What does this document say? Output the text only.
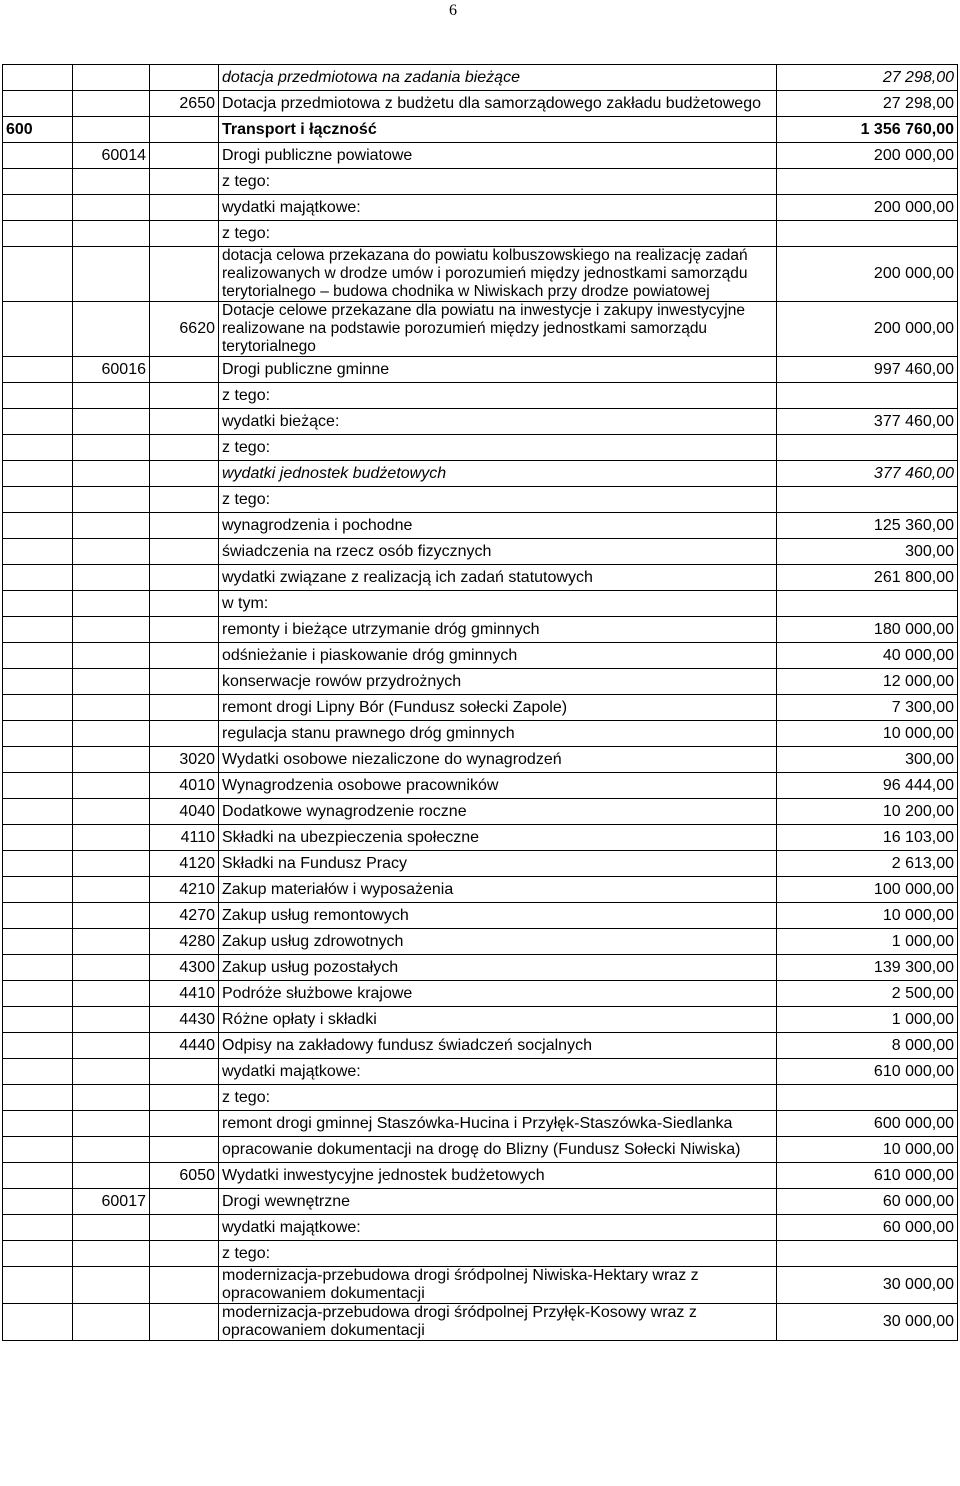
6
			dotacja przedmiotowa na zadania bieżące	27 298,00
		2650	Dotacja przedmiotowa z budżetu dla samorządowego zakładu budżetowego	27 298,00
600			Transport i łączność	1 356 760,00
	60014		Drogi publiczne powiatowe	200 000,00
			z tego:	
			wydatki majątkowe:	200 000,00
			z tego:	
			dotacja celowa przekazana do powiatu kolbuszowskiego na realizację zadań realizowanych w drodze umów i porozumień między jednostkami samorządu terytorialnego – budowa chodnika w Niwiskach przy drodze powiatowej	200 000,00
		6620	Dotacje celowe przekazane dla powiatu na inwestycje i zakupy inwestycyjne realizowane na podstawie porozumień między jednostkami samorządu terytorialnego	200 000,00
	60016		Drogi publiczne gminne	997 460,00
			z tego:	
			wydatki bieżące:	377 460,00
			z tego:	
			wydatki jednostek budżetowych	377 460,00
			z tego:	
			wynagrodzenia i pochodne	125 360,00
			świadczenia na rzecz osób fizycznych	300,00
			wydatki związane z realizacją ich zadań statutowych	261 800,00
			w tym:	
			remonty i bieżące utrzymanie dróg gminnych	180 000,00
			odśnieżanie i piaskowanie dróg gminnych	40 000,00
			konserwacje rowów przydrożnych	12 000,00
			remont drogi Lipny Bór (Fundusz sołecki Zapole)	7 300,00
			regulacja stanu prawnego dróg gminnych	10 000,00
		3020	Wydatki osobowe niezaliczone do wynagrodzeń	300,00
		4010	Wynagrodzenia osobowe pracowników	96 444,00
		4040	Dodatkowe wynagrodzenie roczne	10 200,00
		4110	Składki na ubezpieczenia społeczne	16 103,00
		4120	Składki na Fundusz Pracy	2 613,00
		4210	Zakup materiałów i wyposażenia	100 000,00
		4270	Zakup usług remontowych	10 000,00
		4280	Zakup usług zdrowotnych	1 000,00
		4300	Zakup usług pozostałych	139 300,00
		4410	Podróże służbowe krajowe	2 500,00
		4430	Różne opłaty i składki	1 000,00
		4440	Odpisy na zakładowy fundusz świadczeń socjalnych	8 000,00
			wydatki majątkowe:	610 000,00
			z tego:	
			remont drogi gminnej Staszówka-Hucina i Przyłęk-Staszówka-Siedlanka	600 000,00
			opracowanie dokumentacji na drogę do Blizny (Fundusz Sołecki Niwiska)	10 000,00
		6050	Wydatki inwestycyjne jednostek budżetowych	610 000,00
	60017		Drogi wewnętrzne	60 000,00
			wydatki majątkowe:	60 000,00
			z tego:	
			modernizacja-przebudowa drogi śródpolnej Niwiska-Hektary wraz z opracowaniem dokumentacji	30 000,00
			modernizacja-przebudowa drogi śródpolnej Przyłęk-Kosowy wraz z opracowaniem dokumentacji	30 000,00
